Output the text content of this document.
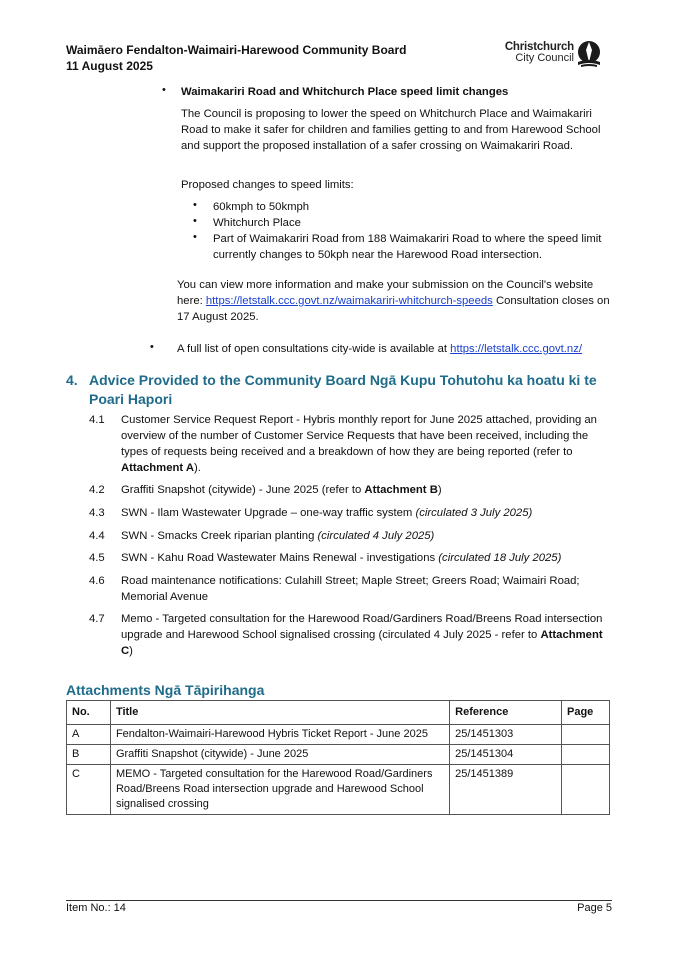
Waimāero Fendalton-Waimairi-Harewood Community Board
11 August 2025
Christchurch
City Council
• Waimakariri Road and Whitchurch Place speed limit changes
The Council is proposing to lower the speed on Whitchurch Place and Waimakariri Road to make it safer for children and families getting to and from Harewood School and support the proposed installation of a safer crossing on Waimakariri Road.
Proposed changes to speed limits:
• 60kmph to 50kmph
• Whitchurch Place
• Part of Waimakariri Road from 188 Waimakariri Road to where the speed limit currently changes to 50kph near the Harewood Road intersection.
You can view more information and make your submission on the Council's website here: https://letstalk.ccc.govt.nz/waimakariri-whitchurch-speeds Consultation closes on 17 August 2025.
• A full list of open consultations city-wide is available at https://letstalk.ccc.govt.nz/
4. Advice Provided to the Community Board Ngā Kupu Tohutohu ka hoatu ki te Poari Hapori
4.1 Customer Service Request Report - Hybris monthly report for June 2025 attached, providing an overview of the number of Customer Service Requests that have been received, including the types of requests being received and a breakdown of how they are being reported (refer to Attachment A).
4.2 Graffiti Snapshot (citywide) - June 2025 (refer to Attachment B)
4.3 SWN - Ilam Wastewater Upgrade – one-way traffic system (circulated 3 July 2025)
4.4 SWN - Smacks Creek riparian planting (circulated 4 July 2025)
4.5 SWN - Kahu Road Wastewater Mains Renewal - investigations (circulated 18 July 2025)
4.6 Road maintenance notifications: Culahill Street; Maple Street; Greers Road; Waimairi Road; Memorial Avenue
4.7 Memo - Targeted consultation for the Harewood Road/Gardiners Road/Breens Road intersection upgrade and Harewood School signalised crossing (circulated 4 July 2025 - refer to Attachment C)
Attachments Ngā Tāpirihanga
No.	Title	Reference	Page
A	Fendalton-Waimairi-Harewood Hybris Ticket Report - June 2025	25/1451303	
B	Graffiti Snapshot (citywide) - June 2025	25/1451304	
C	MEMO - Targeted consultation for the Harewood Road/Gardiners Road/Breens Road intersection upgrade and Harewood School signalised crossing	25/1451389	
Item No.: 14	Page 5
